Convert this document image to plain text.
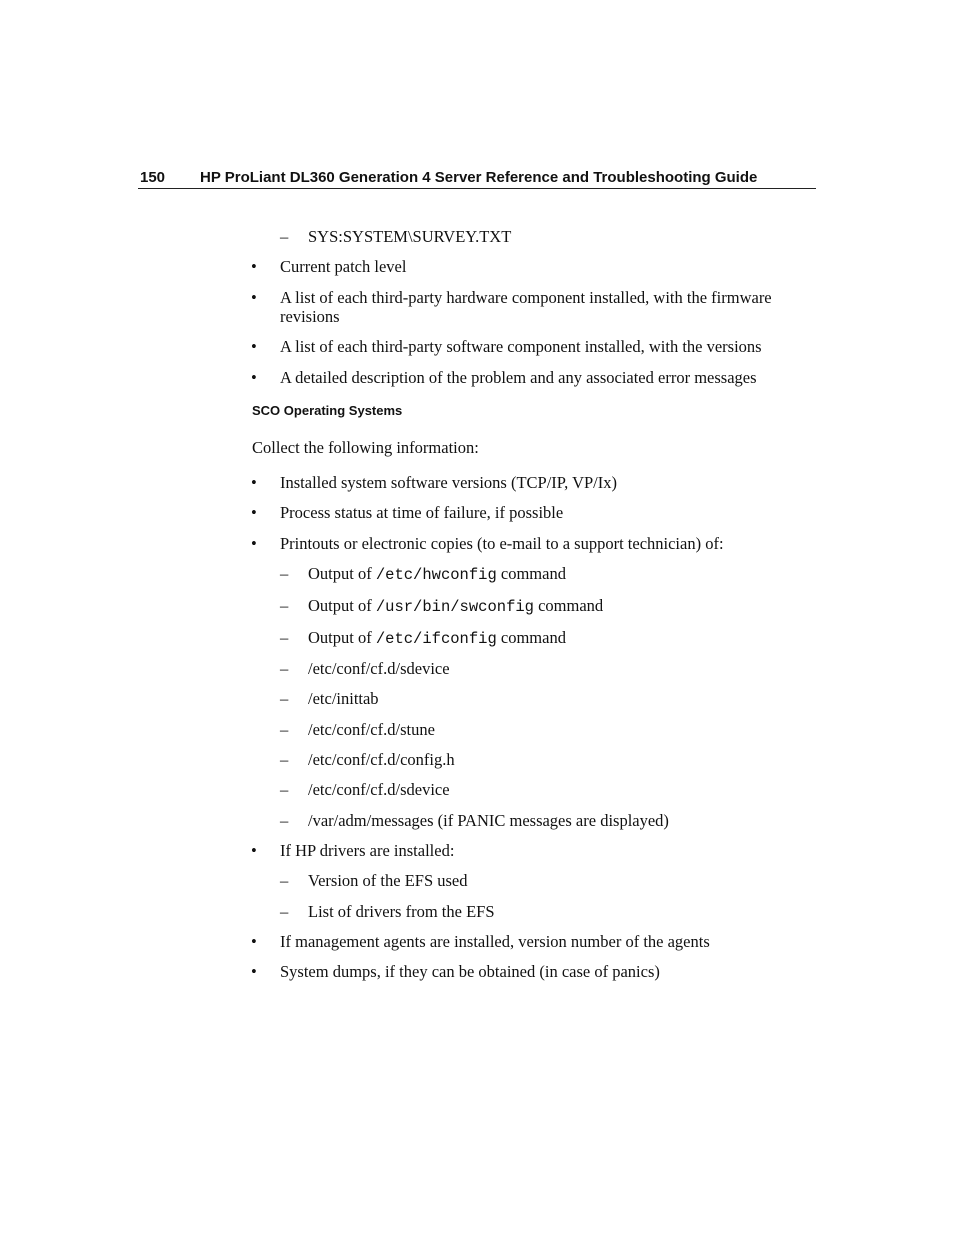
150 HP ProLiant DL360 Generation 4 Server Reference and Troubleshooting Guide
– SYS:SYSTEM\SURVEY.TXT
• Current patch level
• A list of each third-party hardware component installed, with the firmware
revisions
• A list of each third-party software component installed, with the versions
• A detailed description of the problem and any associated error messages
SCO Operating Systems
Collect the following information:
• Installed system software versions (TCP/IP, VP/Ix)
• Process status at time of failure, if possible
• Printouts or electronic copies (to e-mail to a support technician) of:
– Output of /etc/hwconfig command
– Output of /usr/bin/swconfig command
– Output of /etc/ifconfig command
– /etc/conf/cf.d/sdevice
– /etc/inittab
– /etc/conf/cf.d/stune
– /etc/conf/cf.d/config.h
– /etc/conf/cf.d/sdevice
– /var/adm/messages (if PANIC messages are displayed)
• If HP drivers are installed:
– Version of the EFS used
– List of drivers from the EFS
• If management agents are installed, version number of the agents
• System dumps, if they can be obtained (in case of panics)
